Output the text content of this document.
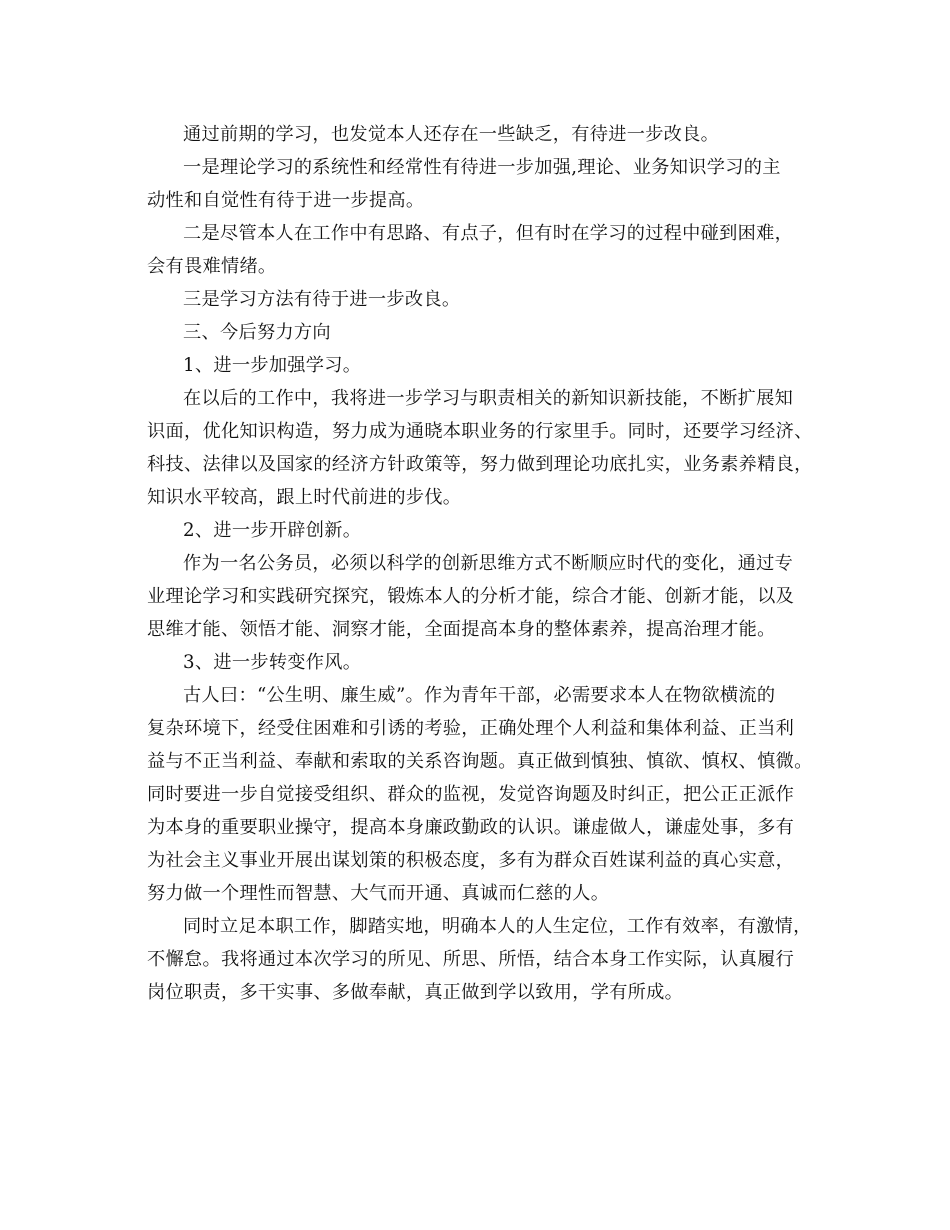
通过前期的学习，也发觉本人还存在一些缺乏，有待进一步改良。

一是理论学习的系统性和经常性有待进一步加强,理论、业务知识学习的主
动性和自觉性有待于进一步提高。

二是尽管本人在工作中有思路、有点子，但有时在学习的过程中碰到困难，
会有畏难情绪。

三是学习方法有待于进一步改良。

三、今后努力方向

1、进一步加强学习。

在以后的工作中，我将进一步学习与职责相关的新知识新技能，不断扩展知
识面，优化知识构造，努力成为通晓本职业务的行家里手。同时，还要学习经济、
科技、法律以及国家的经济方针政策等，努力做到理论功底扎实，业务素养精良，
知识水平较高，跟上时代前进的步伐。

2、进一步开辟创新。

作为一名公务员，必须以科学的创新思维方式不断顺应时代的变化，通过专
业理论学习和实践研究探究，锻炼本人的分析才能，综合才能、创新才能，以及
思维才能、领悟才能、洞察才能，全面提高本身的整体素养，提高治理才能。

3、进一步转变作风。

古人曰：“公生明、廉生威”。作为青年干部，必需要求本人在物欲横流的
复杂环境下，经受住困难和引诱的考验，正确处理个人利益和集体利益、正当利
益与不正当利益、奉献和索取的关系咨询题。真正做到慎独、慎欲、慎权、慎微。
同时要进一步自觉接受组织、群众的监视，发觉咨询题及时纠正，把公正正派作
为本身的重要职业操守，提高本身廉政勤政的认识。谦虚做人，谦虚处事，多有
为社会主义事业开展出谋划策的积极态度，多有为群众百姓谋利益的真心实意，
努力做一个理性而智慧、大气而开通、真诚而仁慈的人。

同时立足本职工作，脚踏实地，明确本人的人生定位，工作有效率，有激情，
不懈怠。我将通过本次学习的所见、所思、所悟，结合本身工作实际，认真履行
岗位职责，多干实事、多做奉献，真正做到学以致用，学有所成。
